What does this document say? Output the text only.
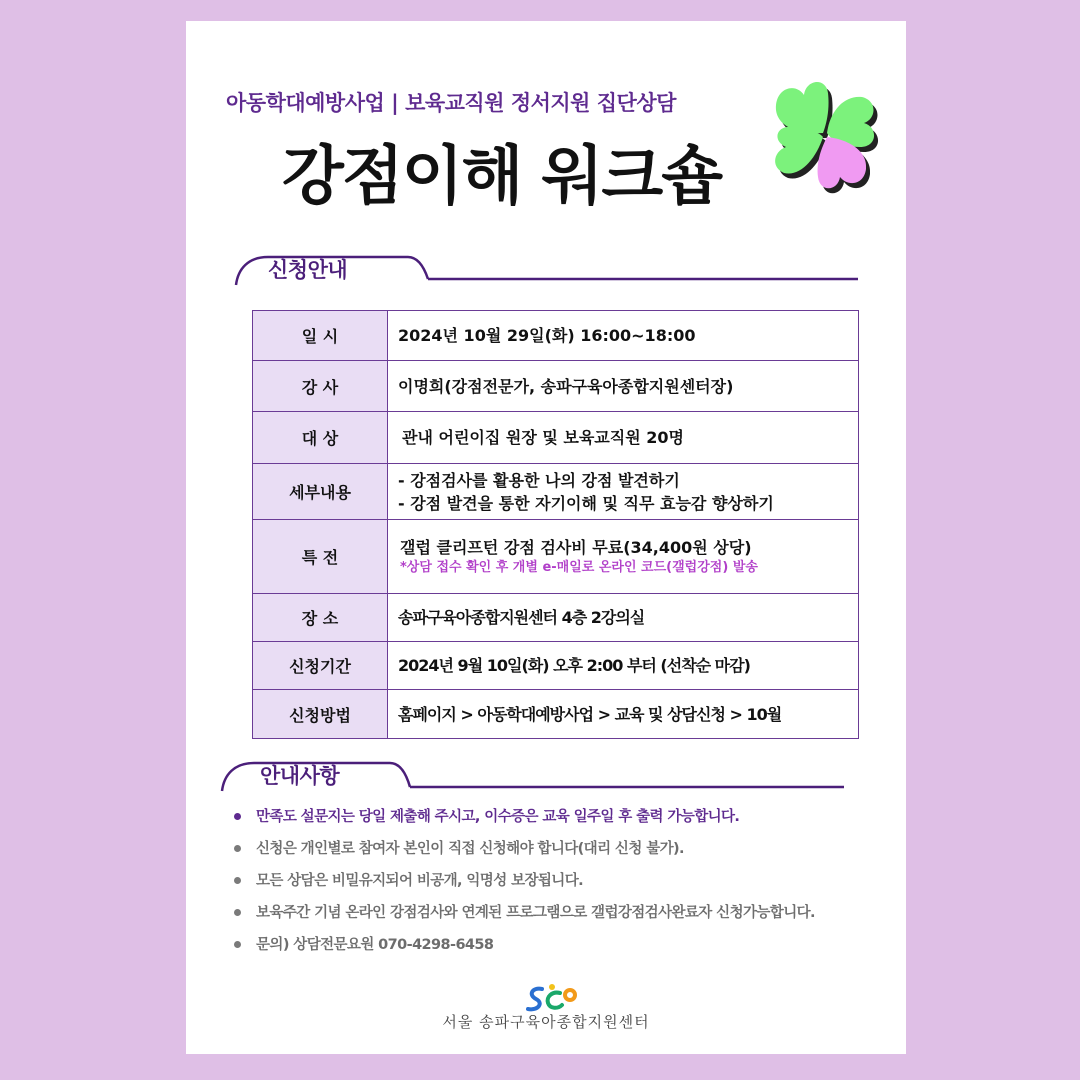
아동학대예방사업 | 보육교직원 정서지원 집단상담
강점이해 워크숍
신청안내
일 시	2024년 10월 29일(화) 16:00~18:00
강 사	이명희(강점전문가, 송파구육아종합지원센터장)
대 상	관내 어린이집 원장 및 보육교직원 20명
세부내용	- 강점검사를 활용한 나의 강점 발견하기
- 강점 발견을 통한 자기이해 및 직무 효능감 향상하기

특 전	갤럽 클리프턴 강점 검사비 무료(34,400원 상당)
*상담 접수 확인 후 개별 e-매일로 온라인 코드(갤럽강점) 발송

장 소	송파구육아종합지원센터 4층 2강의실
신청기간	2024년 9월 10일(화) 오후 2:00 부터 (선착순 마감)
신청방법	홈페이지 > 아동학대예방사업 > 교육 및 상담신청 > 10월
안내사항
만족도 설문지는 당일 제출해 주시고, 이수증은 교육 일주일 후 출력 가능합니다.
신청은 개인별로 참여자 본인이 직접 신청해야 합니다(대리 신청 불가).
모든 상담은 비밀유지되어 비공개, 익명성 보장됩니다.
보육주간 기념 온라인 강점검사와 연계된 프로그램으로 갤럽강점검사완료자 신청가능합니다.
문의) 상담전문요원 070-4298-6458
서울 송파구육아종합지원센터
